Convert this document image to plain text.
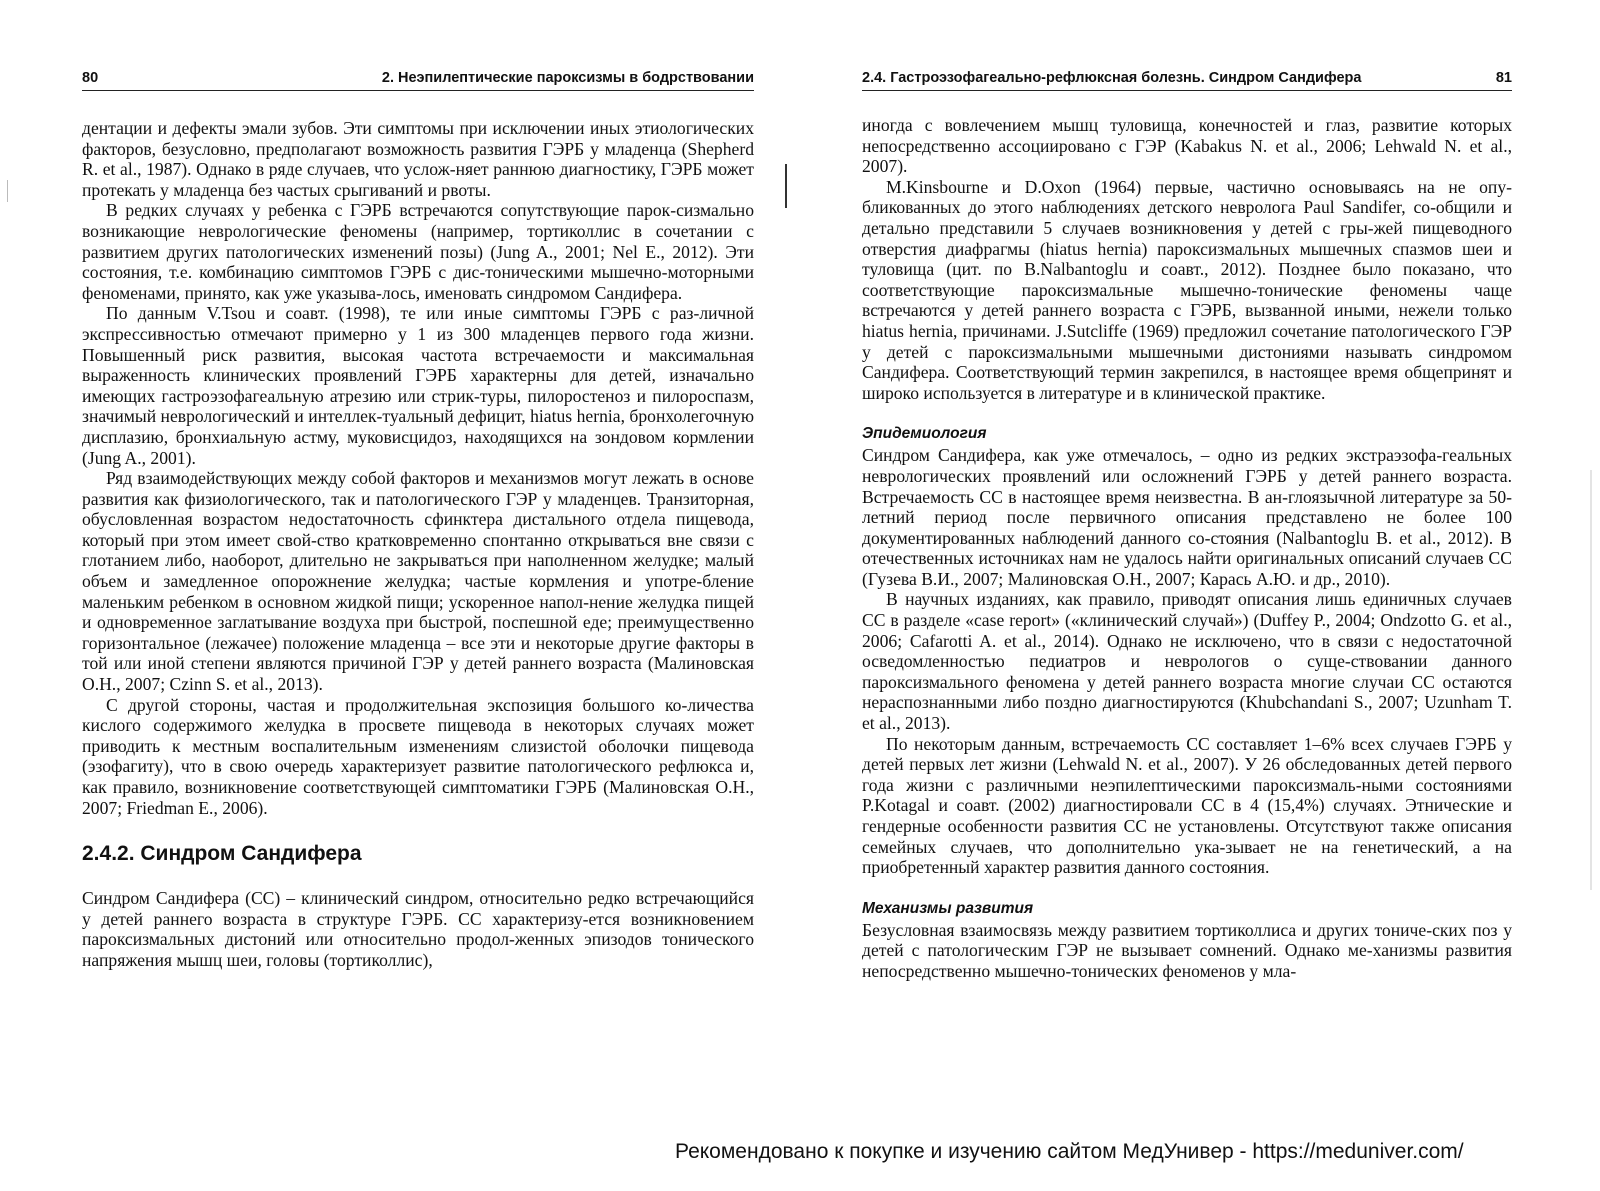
80	2. Неэпилептические пароксизмы в бодрствовании

дентации и дефекты эмали зубов. Эти симптомы при исключении иных этиологических факторов, безусловно, предполагают возможность развития ГЭРБ у младенца (Shepherd R. et al., 1987). Однако в ряде случаев, что услож-няет раннюю диагностику, ГЭРБ может протекать у младенца без частых срыгиваний и рвоты.

В редких случаях у ребенка с ГЭРБ встречаются сопутствующие парок-сизмально возникающие неврологические феномены (например, тортиколлис в сочетании с развитием других патологических изменений позы) (Jung A., 2001; Nel E., 2012). Эти состояния, т.е. комбинацию симптомов ГЭРБ с дис-тоническими мышечно-моторными феноменами, принято, как уже указыва-лось, именовать синдромом Сандифера.

По данным V.Tsou и соавт. (1998), те или иные симптомы ГЭРБ с раз-личной экспрессивностью отмечают примерно у 1 из 300 младенцев первого года жизни. Повышенный риск развития, высокая частота встречаемости и максимальная выраженность клинических проявлений ГЭРБ характерны для детей, изначально имеющих гастроэзофагеальную атрезию или стрик-туры, пилоростеноз и пилороспазм, значимый неврологический и интеллек-туальный дефицит, hiatus hernia, бронхолегочную дисплазию, бронхиальную астму, муковисцидоз, находящихся на зондовом кормлении (Jung A., 2001).

Ряд взаимодействующих между собой факторов и механизмов могут лежать в основе развития как физиологического, так и патологического ГЭР у младенцев. Транзиторная, обусловленная возрастом недостаточность сфинктера дистального отдела пищевода, который при этом имеет свой-ство кратковременно спонтанно открываться вне связи с глотанием либо, наоборот, длительно не закрываться при наполненном желудке; малый объем и замедленное опорожнение желудка; частые кормления и употре-бление маленьким ребенком в основном жидкой пищи; ускоренное напол-нение желудка пищей и одновременное заглатывание воздуха при быстрой, поспешной еде; преимущественно горизонтальное (лежачее) положение младенца – все эти и некоторые другие факторы в той или иной степени являются причиной ГЭР у детей раннего возраста (Малиновская О.Н., 2007; Czinn S. et al., 2013).

С другой стороны, частая и продолжительная экспозиция большого ко-личества кислого содержимого желудка в просвете пищевода в некоторых случаях может приводить к местным воспалительным изменениям слизистой оболочки пищевода (эзофагиту), что в свою очередь характеризует развитие патологического рефлюкса и, как правило, возникновение соответствующей симптоматики ГЭРБ (Малиновская О.Н., 2007; Friedman E., 2006).

2.4.2. Синдром Сандифера

Синдром Сандифера (СС) – клинический синдром, относительно редко встречающийся у детей раннего возраста в структуре ГЭРБ. СС характеризу-ется возникновением пароксизмальных дистоний или относительно продол-женных эпизодов тонического напряжения мышц шеи, головы (тортиколлис),

2.4. Гастроэзофагеально-рефлюксная болезнь. Синдром Сандифера	81

иногда с вовлечением мышц туловища, конечностей и глаз, развитие которых непосредственно ассоциировано с ГЭР (Kabakus N. et al., 2006; Lehwald N. et al., 2007).

M.Kinsbourne и D.Oxon (1964) первые, частично основываясь на не опу-бликованных до этого наблюдениях детского невролога Paul Sandifer, со-общили и детально представили 5 случаев возникновения у детей с гры-жей пищеводного отверстия диафрагмы (hiatus hernia) пароксизмальных мышечных спазмов шеи и туловища (цит. по B.Nalbantoglu и соавт., 2012). Позднее было показано, что соответствующие пароксизмальные мышечно-тонические феномены чаще встречаются у детей раннего возраста с ГЭРБ, вызванной иными, нежели только hiatus hernia, причинами. J.Sutcliffe (1969) предложил сочетание патологического ГЭР у детей с пароксизмальными мышечными дистониями называть синдромом Сандифера. Соответствующий термин закрепился, в настоящее время общепринят и широко используется в литературе и в клинической практике.

Эпидемиология

Синдром Сандифера, как уже отмечалось, – одно из редких экстраэзофа-геальных неврологических проявлений или осложнений ГЭРБ у детей раннего возраста. Встречаемость СС в настоящее время неизвестна. В ан-глоязычной литературе за 50-летний период после первичного описания представлено не более 100 документированных наблюдений данного со-стояния (Nalbantoglu B. et al., 2012). В отечественных источниках нам не удалось найти оригинальных описаний случаев СС (Гузева В.И., 2007; Малиновская О.Н., 2007; Карась А.Ю. и др., 2010).

В научных изданиях, как правило, приводят описания лишь единичных случаев СС в разделе «case report» («клинический случай») (Duffey P., 2004; Ondzotto G. et al., 2006; Cafarotti A. et al., 2014). Однако не исключено, что в связи с недостаточной осведомленностью педиатров и неврологов о суще-ствовании данного пароксизмального феномена у детей раннего возраста многие случаи СС остаются нераспознанными либо поздно диагностируются (Khubchandani S., 2007; Uzunham T. et al., 2013).

По некоторым данным, встречаемость СС составляет 1–6% всех случаев ГЭРБ у детей первых лет жизни (Lehwald N. et al., 2007). У 26 обследованных детей первого года жизни с различными неэпилептическими пароксизмаль-ными состояниями P.Kotagal и соавт. (2002) диагностировали СС в 4 (15,4%) случаях. Этнические и гендерные особенности развития СС не установлены. Отсутствуют также описания семейных случаев, что дополнительно ука-зывает не на генетический, а на приобретенный характер развития данного состояния.

Механизмы развития

Безусловная взаимосвязь между развитием тортиколлиса и других тониче-ских поз у детей с патологическим ГЭР не вызывает сомнений. Однако ме-ханизмы развития непосредственно мышечно-тонических феноменов у мла-

Рекомендовано к покупке и изучению сайтом МедУнивер - https://meduniver.com/
